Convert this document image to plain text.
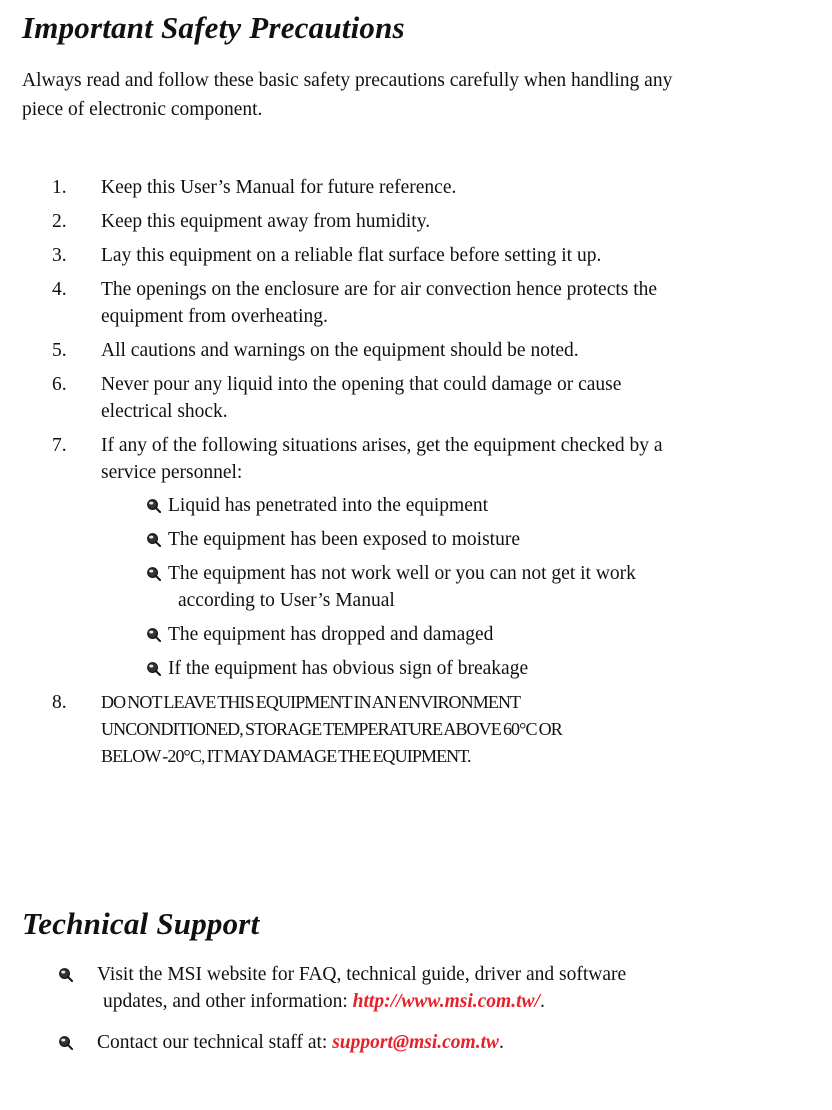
Important Safety Precautions
Always read and follow these basic safety precautions carefully when handling any
piece of electronic component.
1.	Keep this User’s Manual for future reference.
2.	Keep this equipment away from humidity.
3.	Lay this equipment on a reliable flat surface before setting it up.
4.	The openings on the enclosure are for air convection hence protects the
equipment from overheating.
5.	All cautions and warnings on the equipment should be noted.
6.	Never pour any liquid into the opening that could damage or cause
electrical shock.
7.	If any of the following situations arises, get the equipment checked by a
service personnel:
Liquid has penetrated into the equipment
The equipment has been exposed to moisture
The equipment has not work well or you can not get it work
according to User’s Manual
The equipment has dropped and damaged
If the equipment has obvious sign of breakage
8.	DO NOT LEAVE THIS EQUIPMENT IN AN ENVIRONMENT
UNCONDITIONED, STORAGE TEMPERATURE ABOVE 60°C OR
BELOW -20°C, IT MAY DAMAGE THE EQUIPMENT.
Technical Support
Visit the MSI website for FAQ, technical guide, driver and software
updates, and other information: http://www.msi.com.tw/.
Contact our technical staff at: support@msi.com.tw.
